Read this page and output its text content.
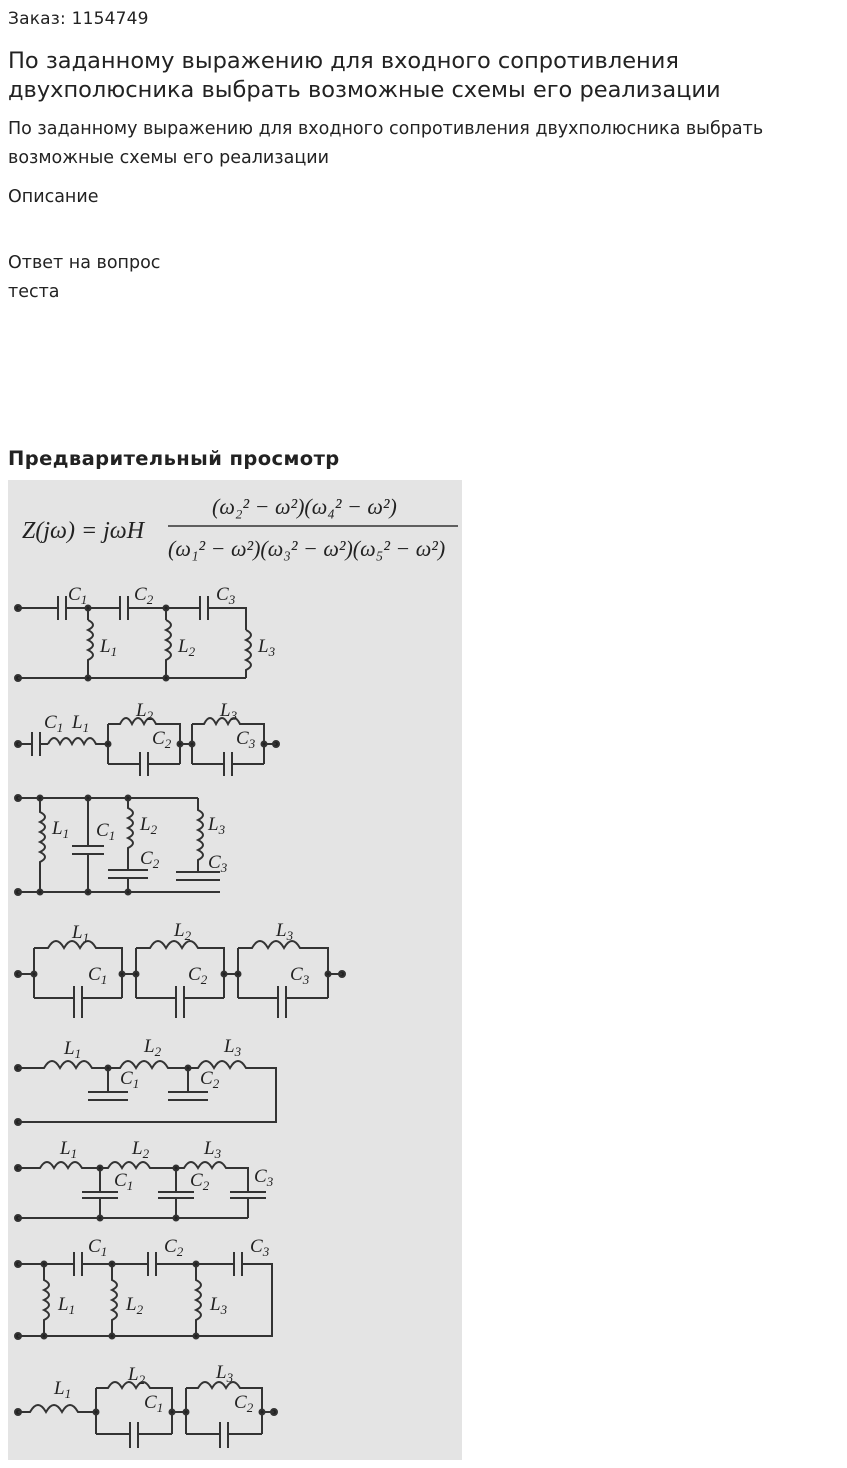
Заказ: 1154749
По заданному выражению для входного сопротивления двухполюсника выбрать возможные схемы его реализации
По заданному выражению для входного сопротивления двухполюсника выбрать возможные схемы его реализации
Описание
Ответ на вопрос теста
Предварительный просмотр
Z(jω) = jωH
(ω₂² − ω²)(ω₄² − ω²)
(ω₁² − ω²)(ω₃² − ω²)(ω₅² − ω²)
$C_1$ $C_2$	$C_3$
$L_1$	$L_2$	$L_3$
$C_1$ $L_1$
$L_2$
$C_2$
$L_3$
$C_3$
$L_1$ $C_1$
$L_2$
$C_2$
$L_3$
$C_3$
$L_1$
$C_1$
$L_2$
$C_2$
$L_3$
$C_3$
$L_1$	$L_2$	$L_3$
$C_1$	$C_2$
$L_1$	$L_2$	$L_3$
$C_1$	$C_2$ $C_3$
$C_1$	$C_2$	$C_3$
$L_1$	$L_2$	$L_3$
$L_1$
$L_2$
$C_1$
$L_3$
$C_2$
